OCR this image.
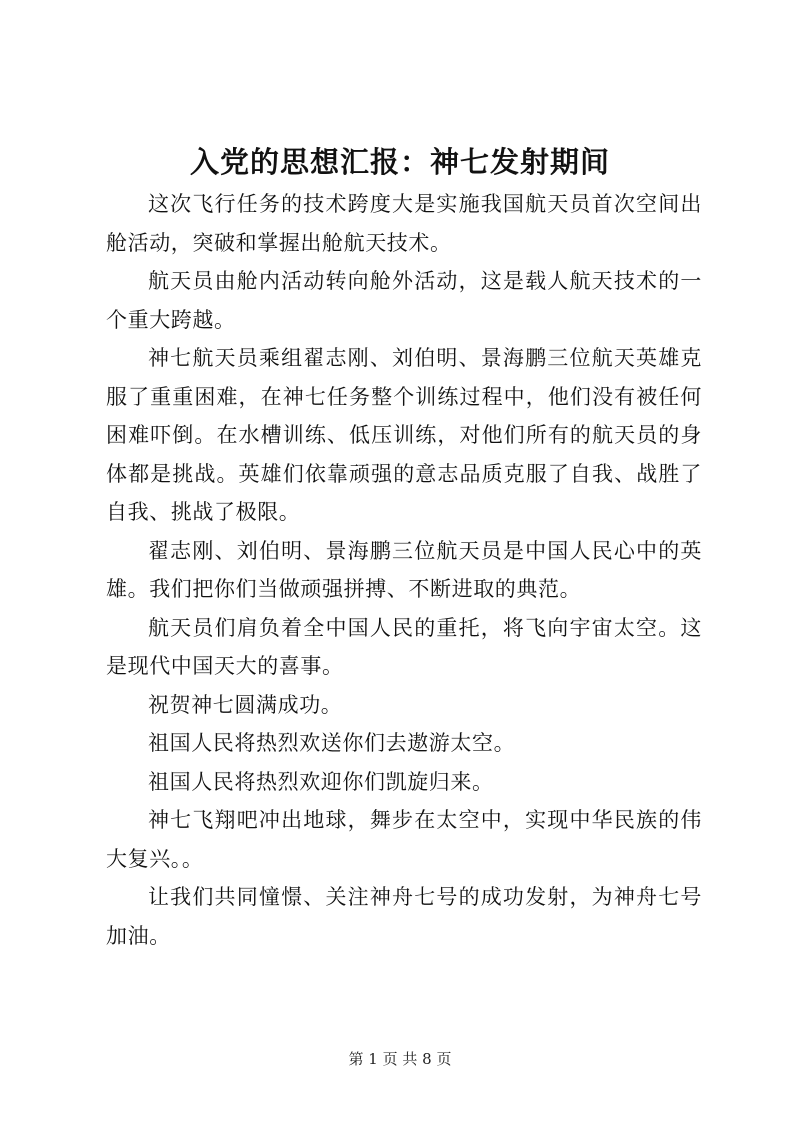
入党的思想汇报：神七发射期间

这次飞行任务的技术跨度大是实施我国航天员首次空间出舱活动，突破和掌握出舱航天技术。

航天员由舱内活动转向舱外活动，这是载人航天技术的一个重大跨越。

神七航天员乘组翟志刚、刘伯明、景海鹏三位航天英雄克服了重重困难，在神七任务整个训练过程中，他们没有被任何困难吓倒。在水槽训练、低压训练，对他们所有的航天员的身体都是挑战。英雄们依靠顽强的意志品质克服了自我、战胜了自我、挑战了极限。

翟志刚、刘伯明、景海鹏三位航天员是中国人民心中的英雄。我们把你们当做顽强拼搏、不断进取的典范。

航天员们肩负着全中国人民的重托，将飞向宇宙太空。这是现代中国天大的喜事。

祝贺神七圆满成功。

祖国人民将热烈欢送你们去遨游太空。

祖国人民将热烈欢迎你们凯旋归来。

神七飞翔吧冲出地球，舞步在太空中，实现中华民族的伟大复兴。。

让我们共同憧憬、关注神舟七号的成功发射，为神舟七号加油。

第 1 页 共 8 页
